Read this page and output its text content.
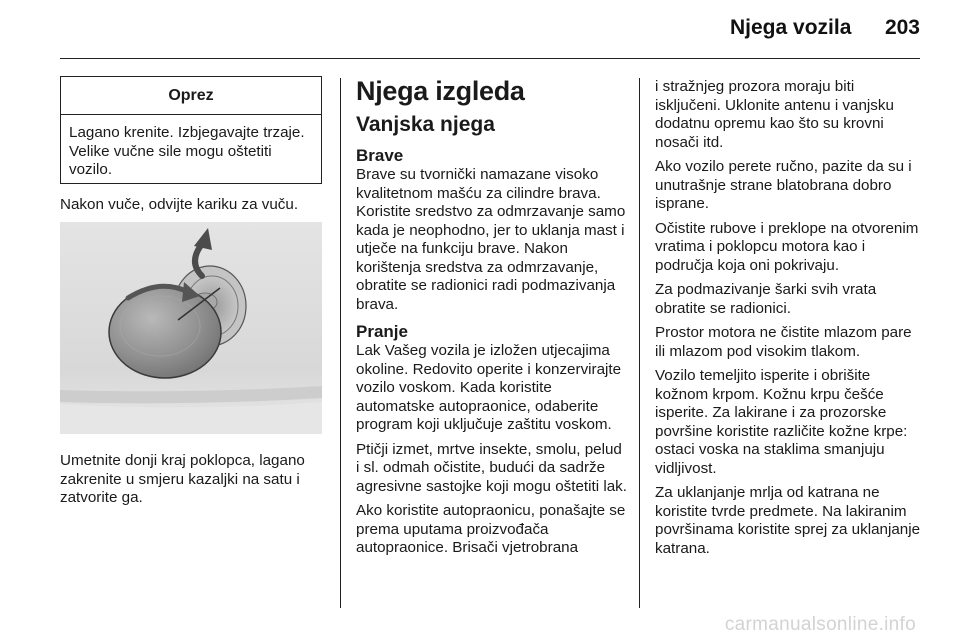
Njega vozila 203
Oprez
Lagano krenite. Izbjegavajte trzaje. Velike vučne sile mogu oštetiti vozilo.

Nakon vuče, odvijte kariku za vuču.

Umetnite donji kraj poklopca, lagano zakrenite u smjeru kazaljki na satu i zatvorite ga.

Njega izgleda
Vanjska njega
Brave

Brave su tvornički namazane visoko kvalitetnom mašću za cilindre brava. Koristite sredstvo za odmrzavanje samo kada je neophodno, jer to uklanja mast i utječe na funkciju brave. Nakon korištenja sredstva za odmrzavanje, obratite se radionici radi podmazivanja brava.

Pranje

Lak Vašeg vozila je izložen utjecajima okoline. Redovito operite i konzervirajte vozilo voskom. Kada koristite automatske autopraonice, odaberite program koji uključuje zaštitu voskom.

Ptičji izmet, mrtve insekte, smolu, pelud i sl. odmah očistite, budući da sadrže agresivne sastojke koji mogu oštetiti lak.

Ako koristite autopraonicu, ponašajte se prema uputama proizvođača autopraonice. Brisači vjetrobrana

i stražnjeg prozora moraju biti isključeni. Uklonite antenu i vanjsku dodatnu opremu kao što su krovni nosači itd.

Ako vozilo perete ručno, pazite da su i unutrašnje strane blatobrana dobro isprane.

Očistite rubove i preklope na otvorenim vratima i poklopcu motora kao i područja koja oni pokrivaju.

Za podmazivanje šarki svih vrata obratite se radionici.

Prostor motora ne čistite mlazom pare ili mlazom pod visokim tlakom.

Vozilo temeljito isperite i obrišite kožnom krpom. Kožnu krpu češće isperite. Za lakirane i za prozorske površine koristite različite kožne krpe: ostaci voska na staklima smanjuju vidljivost.

Za uklanjanje mrlja od katrana ne koristite tvrde predmete. Na lakiranim površinama koristite sprej za uklanjanje katrana.

carmanualsonline.info
